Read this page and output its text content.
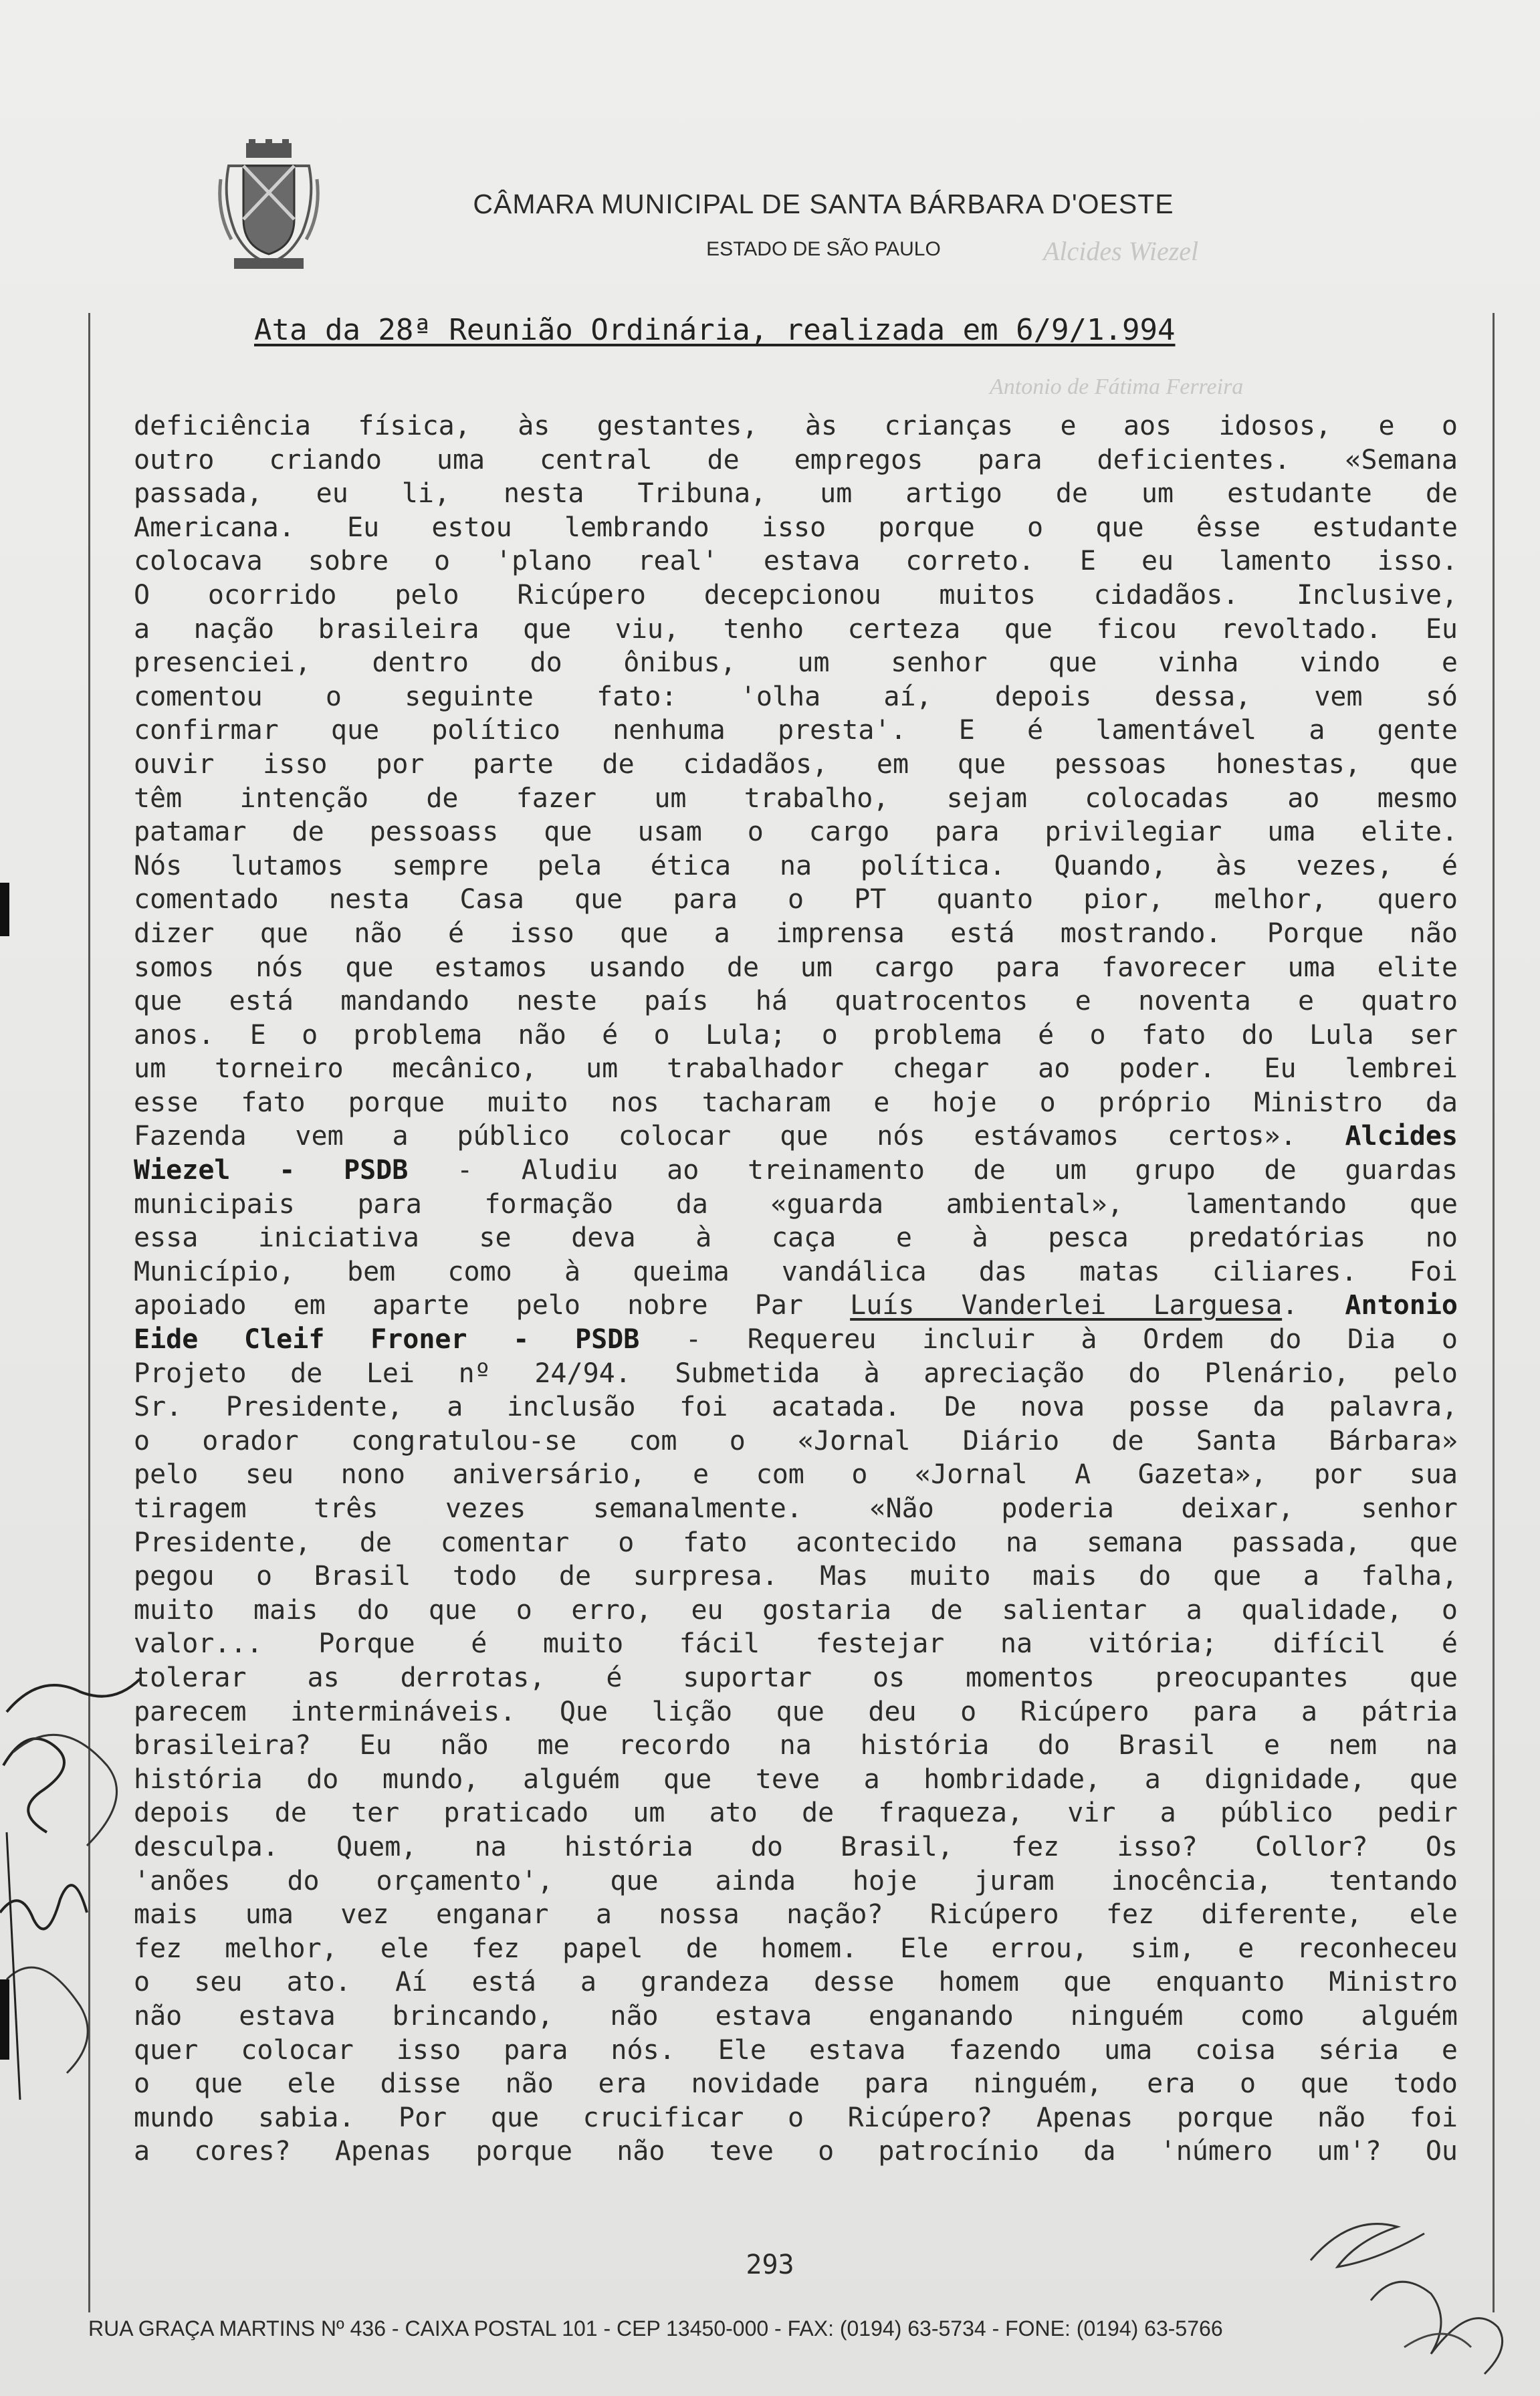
Alcides Wiezel
Antonio de Fátima Ferreira
CÂMARA MUNICIPAL DE SANTA BÁRBARA D'OESTE
ESTADO DE SÃO PAULO
Ata da 28ª Reunião Ordinária, realizada em 6/9/1.994
deficiência física, às gestantes, às crianças e aos idosos, e o
outro criando uma central de empregos para deficientes. «Semana
passada, eu li, nesta Tribuna, um artigo de um estudante de
Americana. Eu estou lembrando isso porque o que êsse estudante
colocava sobre o 'plano real' estava correto. E eu lamento isso.
O ocorrido pelo Ricúpero decepcionou muitos cidadãos. Inclusive,
a nação brasileira que viu, tenho certeza que ficou revoltado. Eu
presenciei, dentro do ônibus, um senhor que vinha vindo e
comentou o seguinte fato: 'olha aí, depois dessa, vem só
confirmar que político nenhuma presta'. E é lamentável a gente
ouvir isso por parte de cidadãos, em que pessoas honestas, que
têm intenção de fazer um trabalho, sejam colocadas ao mesmo
patamar de pessoass que usam o cargo para privilegiar uma elite.
Nós lutamos sempre pela ética na política. Quando, às vezes, é
comentado nesta Casa que para o PT quanto pior, melhor, quero
dizer que não é isso que a imprensa está mostrando. Porque não
somos nós que estamos usando de um cargo para favorecer uma elite
que está mandando neste país há quatrocentos e noventa e quatro
anos. E o problema não é o Lula; o problema é o fato do Lula ser
um torneiro mecânico, um trabalhador chegar ao poder. Eu lembrei
esse fato porque muito nos tacharam e hoje o próprio Ministro da
Fazenda vem a público colocar que nós estávamos certos». Alcides
Wiezel - PSDB - Aludiu ao treinamento de um grupo de guardas
municipais para formação da «guarda ambiental», lamentando que
essa iniciativa se deva à caça e à pesca predatórias no
Município, bem como à queima vandálica das matas ciliares. Foi
apoiado em aparte pelo nobre Par Luís Vanderlei Larguesa. Antonio
Eide Cleif Froner - PSDB - Requereu incluir à Ordem do Dia o
Projeto de Lei nº 24/94. Submetida à apreciação do Plenário, pelo
Sr. Presidente, a inclusão foi acatada. De nova posse da palavra,
o orador congratulou-se com o «Jornal Diário de Santa Bárbara»
pelo seu nono aniversário, e com o «Jornal A Gazeta», por sua
tiragem três vezes semanalmente. «Não poderia deixar, senhor
Presidente, de comentar o fato acontecido na semana passada, que
pegou o Brasil todo de surpresa. Mas muito mais do que a falha,
muito mais do que o erro, eu gostaria de salientar a qualidade, o
valor... Porque é muito fácil festejar na vitória; difícil é
tolerar as derrotas, é suportar os momentos preocupantes que
parecem intermináveis. Que lição que deu o Ricúpero para a pátria
brasileira? Eu não me recordo na história do Brasil e nem na
história do mundo, alguém que teve a hombridade, a dignidade, que
depois de ter praticado um ato de fraqueza, vir a público pedir
desculpa. Quem, na história do Brasil, fez isso? Collor? Os
'anões do orçamento', que ainda hoje juram inocência, tentando
mais uma vez enganar a nossa nação? Ricúpero fez diferente, ele
fez melhor, ele fez papel de homem. Ele errou, sim, e reconheceu
o seu ato. Aí está a grandeza desse homem que enquanto Ministro
não estava brincando, não estava enganando ninguém como alguém
quer colocar isso para nós. Ele estava fazendo uma coisa séria e
o que ele disse não era novidade para ninguém, era o que todo
mundo sabia. Por que crucificar o Ricúpero? Apenas porque não foi
a cores? Apenas porque não teve o patrocínio da 'número um'? Ou
293
RUA GRAÇA MARTINS Nº 436 - CAIXA POSTAL 101 - CEP 13450-000 - FAX: (0194) 63-5734 - FONE: (0194) 63-5766
